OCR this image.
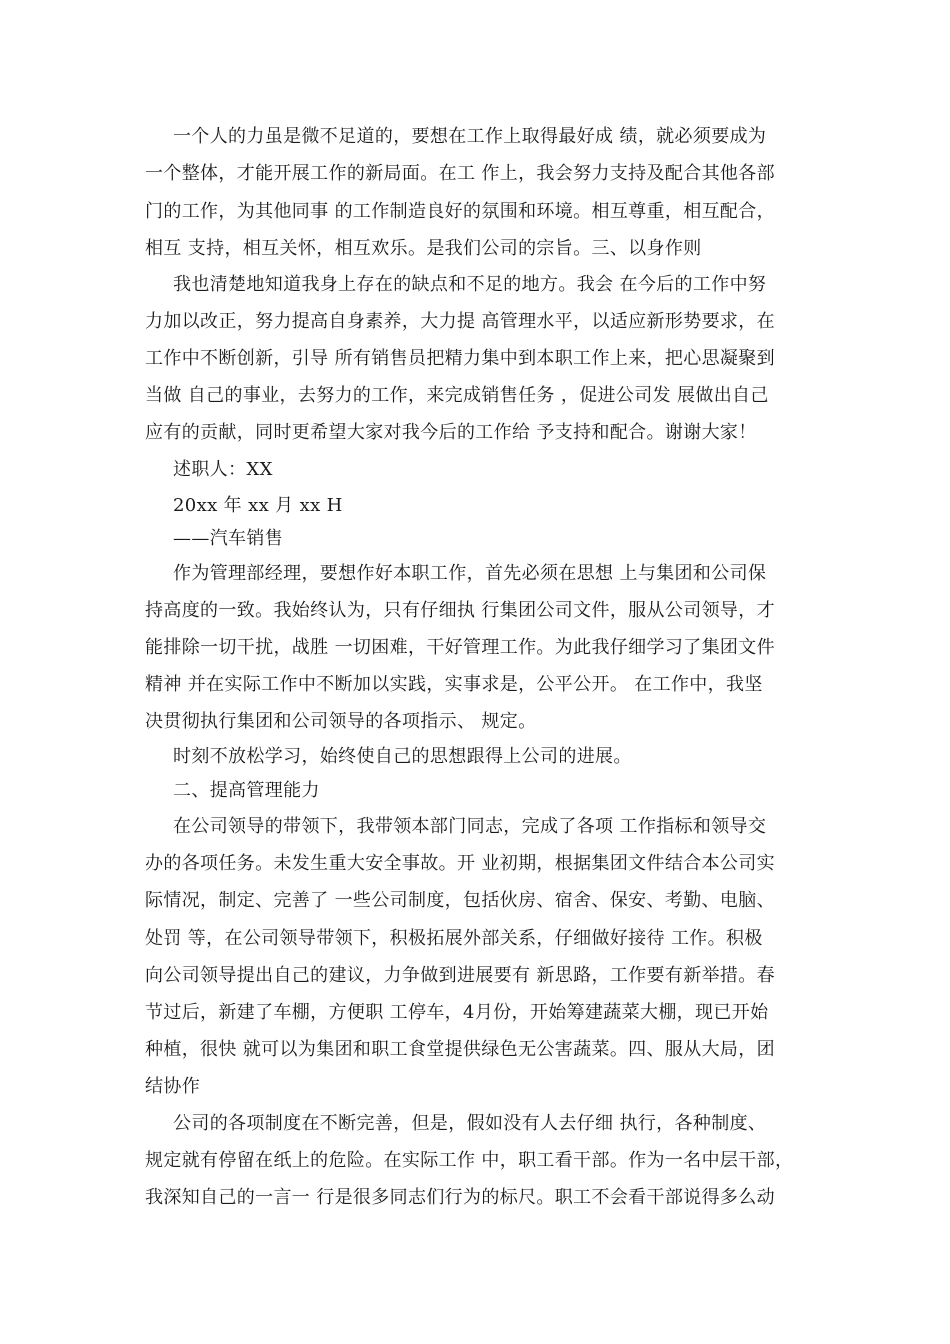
一个人的力虽是微不足道的，要想在工作上取得最好成 绩，就必须要成为
一个整体，才能开展工作的新局面。在工 作上，我会努力支持及配合其他各部
门的工作，为其他同事 的工作制造良好的氛围和环境。相互尊重，相互配合，
相互 支持，相互关怀，相互欢乐。是我们公司的宗旨。三、以身作则
我也清楚地知道我身上存在的缺点和不足的地方。我会 在今后的工作中努
力加以改正，努力提高自身素养，大力提 高管理水平，以适应新形势要求，在
工作中不断创新，引导 所有销售员把精力集中到本职工作上来，把心思凝聚到
当做 自己的事业，去努力的工作，来完成销售任务 ，促进公司发 展做出自己
应有的贡献，同时更希望大家对我今后的工作给 予支持和配合。谢谢大家！
述职人：XX
20xx 年 xx 月 xx H
——汽车销售
作为管理部经理，要想作好本职工作，首先必须在思想 上与集团和公司保
持高度的一致。我始终认为，只有仔细执 行集团公司文件，服从公司领导，才
能排除一切干扰，战胜 一切困难，干好管理工作。为此我仔细学习了集团文件
精神 并在实际工作中不断加以实践，实事求是，公平公开。 在工作中，我坚
决贯彻执行集团和公司领导的各项指示、 规定。
时刻不放松学习，始终使自己的思想跟得上公司的进展。
二、提高管理能力
在公司领导的带领下，我带领本部门同志，完成了各项 工作指标和领导交
办的各项任务。未发生重大安全事故。开 业初期，根据集团文件结合本公司实
际情况，制定、完善了 一些公司制度，包括伙房、宿舍、保安、考勤、电脑、
处罚 等，在公司领导带领下，积极拓展外部关系，仔细做好接待 工作。积极
向公司领导提出自己的建议，力争做到进展要有 新思路，工作要有新举措。春
节过后，新建了车棚，方便职 工停车，4月份，开始筹建蔬菜大棚，现已开始
种植，很快 就可以为集团和职工食堂提供绿色无公害蔬菜。四、服从大局，团
结协作
公司的各项制度在不断完善，但是，假如没有人去仔细 执行，各种制度、
规定就有停留在纸上的危险。在实际工作 中，职工看干部。作为一名中层干部，
我深知自己的一言一 行是很多同志们行为的标尺。职工不会看干部说得多么动
